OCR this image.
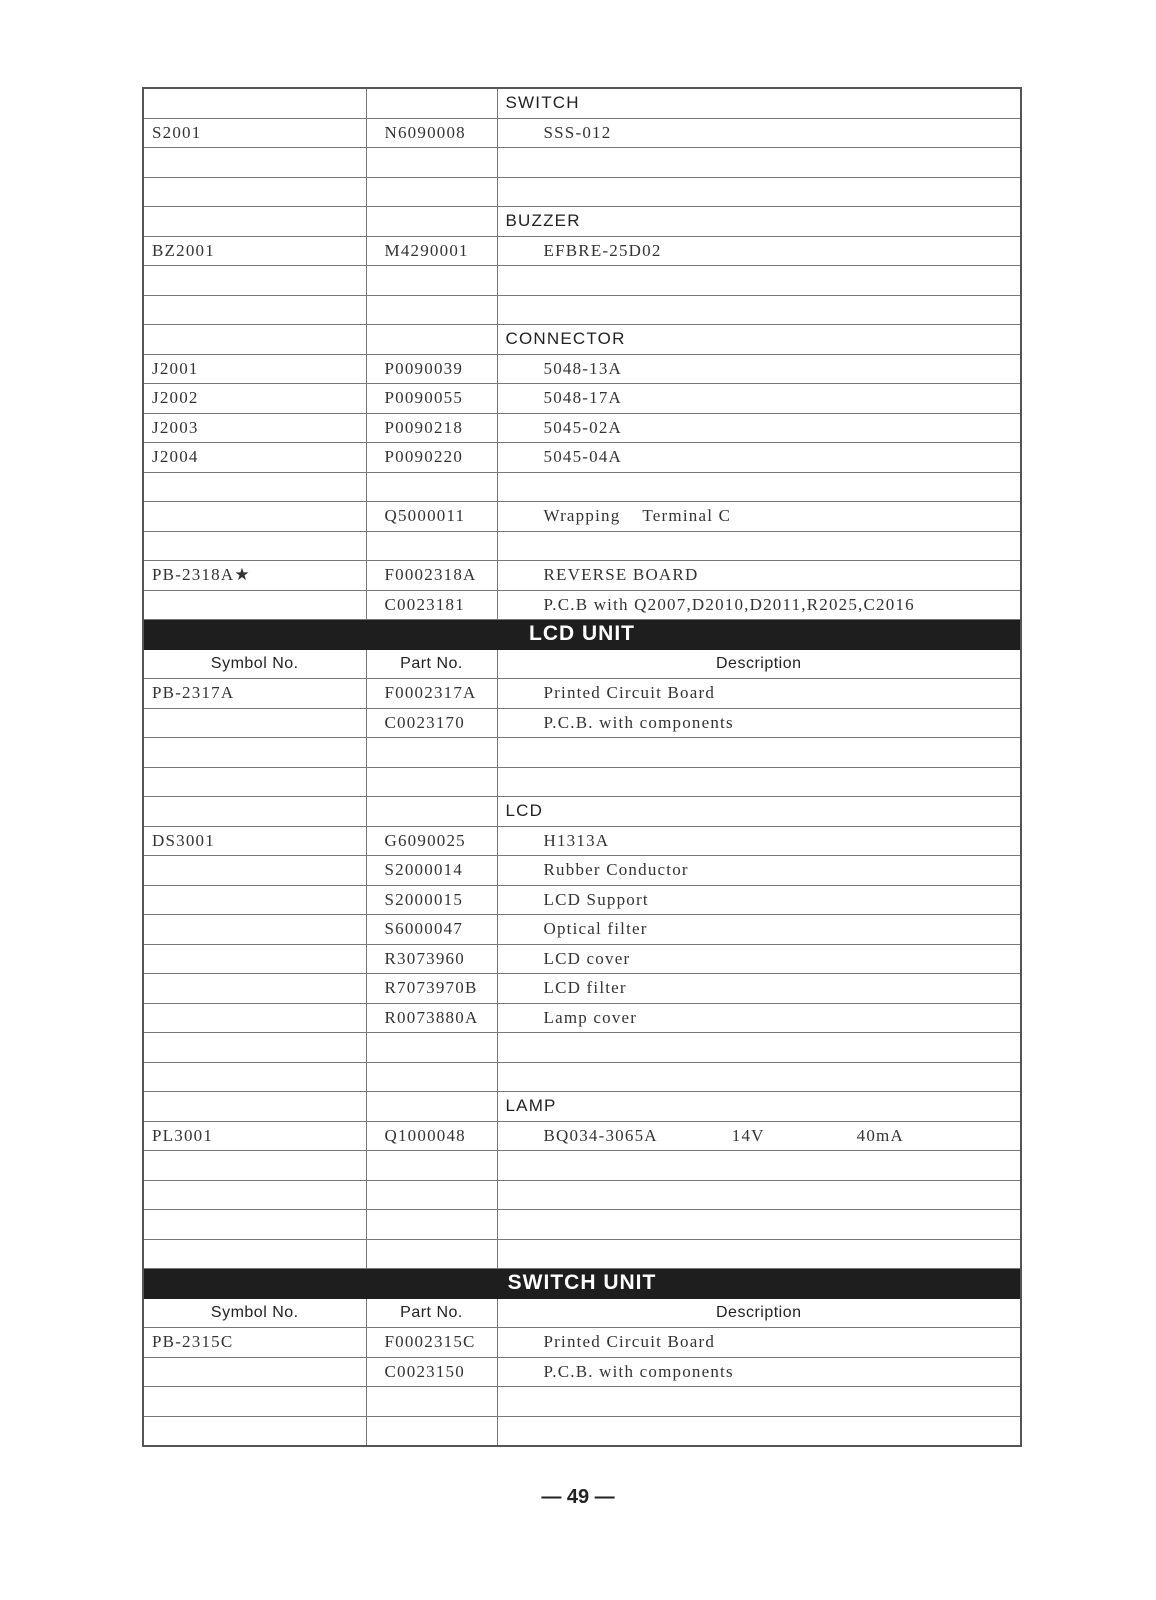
		SWITCH
S2001	N6090008	SSS-012

		BUZZER
BZ2001	M4290001	EFBRE-25D02

		CONNECTOR
J2001	P0090039	5048-13A
J2002	P0090055	5048-17A
J2003	P0090218	5045-02A
J2004	P0090220	5045-04A

	Q5000011	Wrapping Terminal C

PB-2318A★	F0002318A	REVERSE BOARD
	C0023181	P.C.B with Q2007,D2010,D2011,R2025,C2016
LCD UNIT		
Symbol No.	Part No.	Description
PB-2317A	F0002317A	Printed Circuit Board
	C0023170	P.C.B. with components

		LCD
DS3001	G6090025	H1313A
	S2000014	Rubber Conductor
	S2000015	LCD Support
	S6000047	Optical filter
	R3073960	LCD cover
	R7073970B	LCD filter
	R0073880A	Lamp cover

		LAMP
PL3001	Q1000048	BQ034-3065A 14V 40mA

SWITCH UNIT		
Symbol No.	Part No.	Description
PB-2315C	F0002315C	Printed Circuit Board
	C0023150	P.C.B. with components

— 49 —
